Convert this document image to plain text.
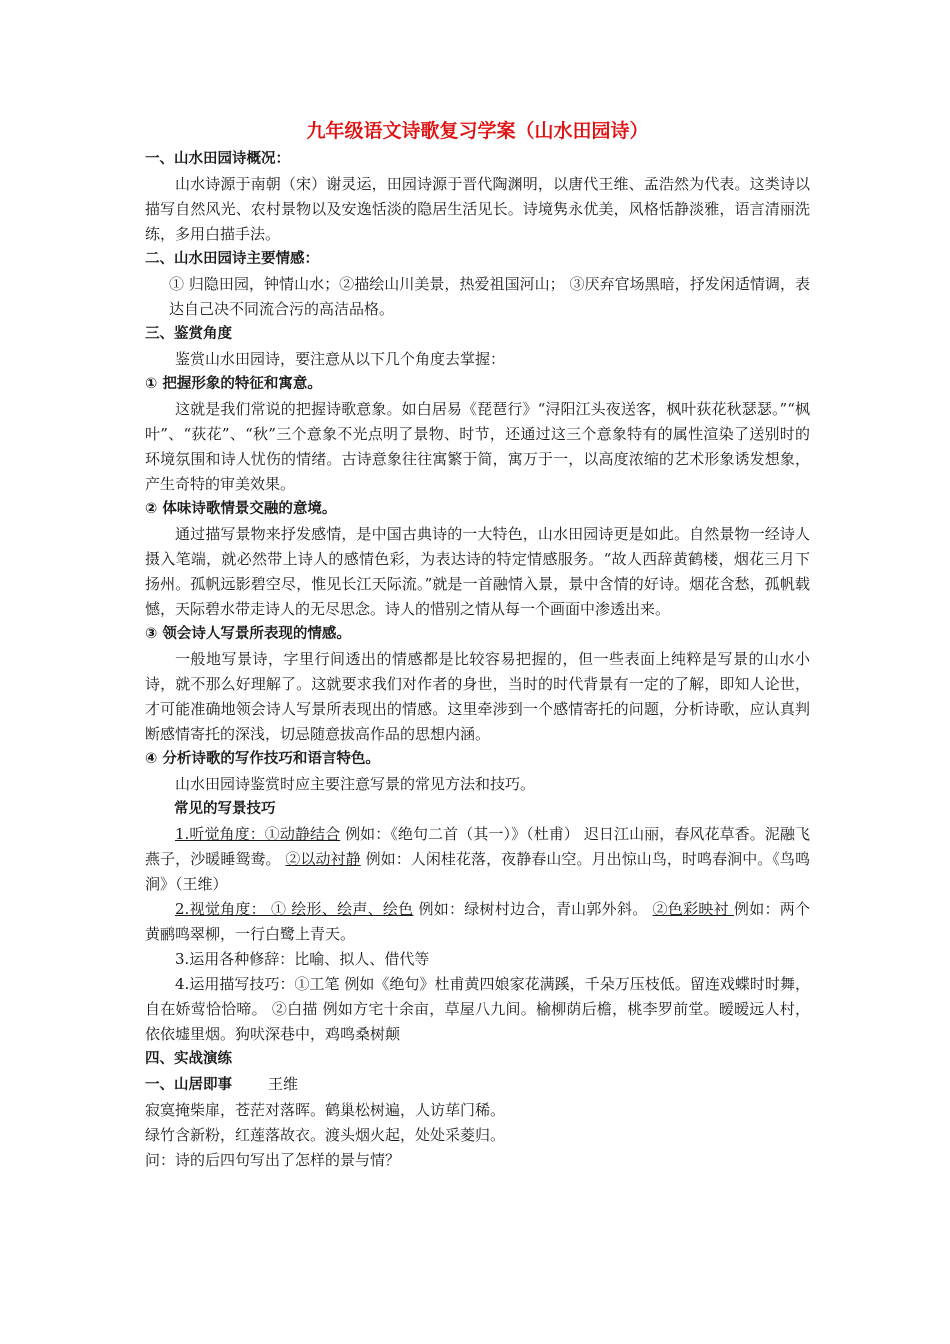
九年级语文诗歌复习学案（山水田园诗）
一、山水田园诗概况：
山水诗源于南朝（宋）谢灵运，田园诗源于晋代陶渊明，以唐代王维、孟浩然为代表。这类诗以描写自然风光、农村景物以及安逸恬淡的隐居生活见长。诗境隽永优美，风格恬静淡雅，语言清丽洗练，多用白描手法。
二、山水田园诗主要情感：
① 归隐田园，钟情山水；②描绘山川美景，热爱祖国河山； ③厌弃官场黑暗，抒发闲适情调，表达自己决不同流合污的高洁品格。
三、鉴赏角度
鉴赏山水田园诗，要注意从以下几个角度去掌握：
① 把握形象的特征和寓意。
这就是我们常说的把握诗歌意象。如白居易《琵琶行》“浔阳江头夜送客，枫叶荻花秋瑟瑟。”“枫叶”、“荻花”、“秋”三个意象不光点明了景物、时节，还通过这三个意象特有的属性渲染了送别时的环境氛围和诗人忧伤的情绪。古诗意象往往寓繁于简，寓万于一，以高度浓缩的艺术形象诱发想象，产生奇特的审美效果。
② 体味诗歌情景交融的意境。
通过描写景物来抒发感情，是中国古典诗的一大特色，山水田园诗更是如此。自然景物一经诗人摄入笔端，就必然带上诗人的感情色彩，为表达诗的特定情感服务。“故人西辞黄鹤楼，烟花三月下扬州。孤帆远影碧空尽，惟见长江天际流。”就是一首融情入景，景中含情的好诗。烟花含愁，孤帆载憾，天际碧水带走诗人的无尽思念。诗人的惜别之情从每一个画面中渗透出来。
③ 领会诗人写景所表现的情感。
一般地写景诗，字里行间透出的情感都是比较容易把握的，但一些表面上纯粹是写景的山水小诗，就不那么好理解了。这就要求我们对作者的身世，当时的时代背景有一定的了解，即知人论世，才可能准确地领会诗人写景所表现出的情感。这里牵涉到一个感情寄托的问题，分析诗歌，应认真判断感情寄托的深浅，切忌随意拔高作品的思想内涵。
④ 分析诗歌的写作技巧和语言特色。
山水田园诗鉴赏时应主要注意写景的常见方法和技巧。
常见的写景技巧
1.听觉角度：①动静结合 例如：《绝句二首（其一）》（杜甫） 迟日江山丽，春风花草香。泥融飞燕子，沙暖睡鸳鸯。 ②以动衬静 例如：人闲桂花落，夜静春山空。月出惊山鸟，时鸣春涧中。《鸟鸣涧》（王维）
2.视觉角度： ① 绘形、绘声、绘色 例如：绿树村边合，青山郭外斜。 ②色彩映衬 例如：两个黄鹂鸣翠柳，一行白鹭上青天。
3.运用各种修辞：比喻、拟人、借代等
4.运用描写技巧：①工笔 例如《绝句》杜甫黄四娘家花满蹊，千朵万压枝低。留连戏蝶时时舞，自在娇莺恰恰啼。 ②白描 例如方宅十余亩，草屋八九间。榆柳荫后檐，桃李罗前堂。暧暧远人村，依依墟里烟。狗吠深巷中，鸡鸣桑树颠
四、实战演练
一、山居即事 王维
寂寞掩柴扉，苍茫对落晖。鹤巢松树遍，人访荜门稀。
绿竹含新粉，红莲落故衣。渡头烟火起，处处采菱归。
问：诗的后四句写出了怎样的景与情？
